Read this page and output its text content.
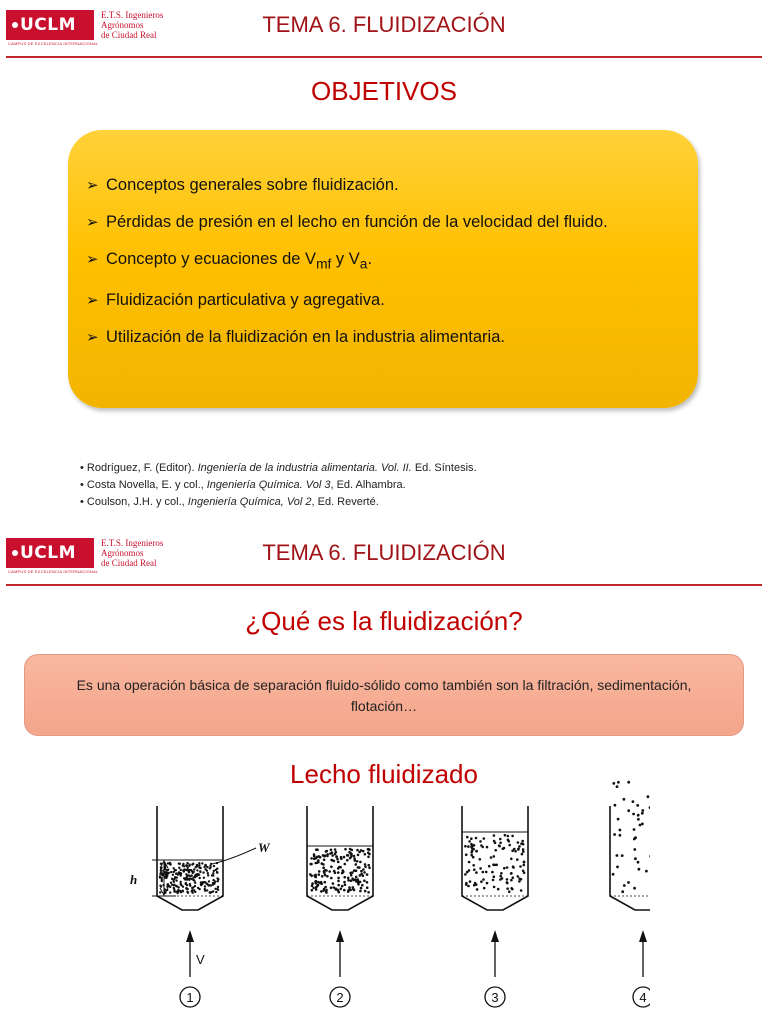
UCLM
CAMPUS DE EXCELENCIA INTERNACIONAL
E.T.S. Ingenieros
Agrónomos
de Ciudad Real	TEMA 6. FLUIDIZACIÓN
OBJETIVOS
➢ Conceptos generales sobre fluidización.
➢ Pérdidas de presión en el lecho en función de la velocidad del fluido.
➢ Concepto y ecuaciones de $V_{mf}$ y $V_a$.
➢ Fluidización particulativa y agregativa.
➢ Utilización de la fluidización en la industria alimentaria.
• Rodríguez, F. (Editor). Ingeniería de la industria alimentaria. Vol. II. Ed. Síntesis.
• Costa Novella, E. y col., Ingeniería Química. Vol 3, Ed. Alhambra.
• Coulson, J.H. y col., Ingeniería Química, Vol 2, Ed. Reverté.
UCLM
CAMPUS DE EXCELENCIA INTERNACIONAL
E.T.S. Ingenieros
Agrónomos
de Ciudad Real	TEMA 6. FLUIDIZACIÓN
¿Qué es la fluidización?
Es una operación básica de separación fluido-sólido como también son la filtración, sedimentación, flotación…
Lecho fluidizado
1	2	3	4
h
W
V
